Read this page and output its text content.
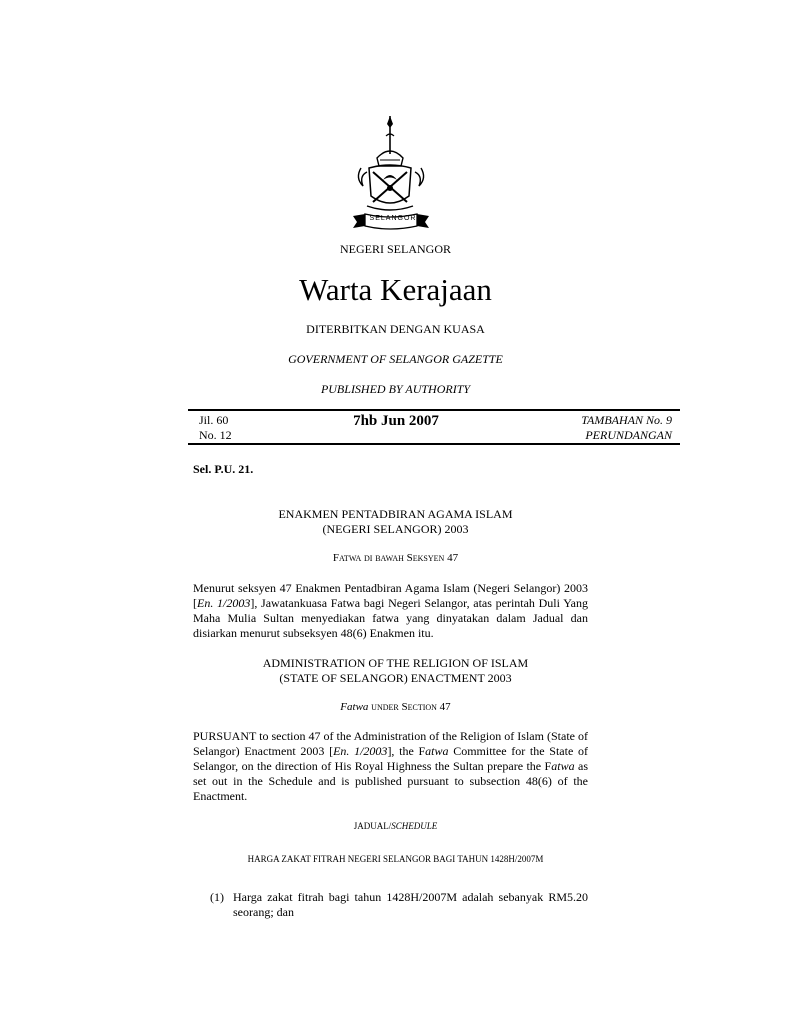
SELANGOR
NEGERI SELANGOR
Warta Kerajaan
DITERBITKAN DENGAN KUASA
GOVERNMENT OF SELANGOR GAZETTE
PUBLISHED BY AUTHORITY
Jil. 60
No. 12
7hb Jun 2007	TAMBAHAN No. 9
PERUNDANGAN
Sel. P.U. 21.
ENAKMEN PENTADBIRAN AGAMA ISLAM
(NEGERI SELANGOR) 2003
Fatwa di bawah Seksyen 47
Menurut seksyen 47 Enakmen Pentadbiran Agama Islam (Negeri Selangor) 2003 [En. 1/2003], Jawatankuasa Fatwa bagi Negeri Selangor, atas perintah Duli Yang Maha Mulia Sultan menyediakan fatwa yang dinyatakan dalam Jadual dan disiarkan menurut subseksyen 48(6) Enakmen itu.
ADMINISTRATION OF THE RELIGION OF ISLAM
(STATE OF SELANGOR) ENACTMENT 2003
Fatwa under Section 47
PURSUANT to section 47 of the Administration of the Religion of Islam (State of Selangor) Enactment 2003 [En. 1/2003], the Fatwa Committee for the State of Selangor, on the direction of His Royal Highness the Sultan prepare the Fatwa as set out in the Schedule and is published pursuant to subsection 48(6) of the Enactment.
JADUAL/SCHEDULE
HARGA ZAKAT FITRAH NEGERI SELANGOR BAGI TAHUN 1428H/2007M
(1) Harga zakat fitrah bagi tahun 1428H/2007M adalah sebanyak RM5.20 seorang; dan
